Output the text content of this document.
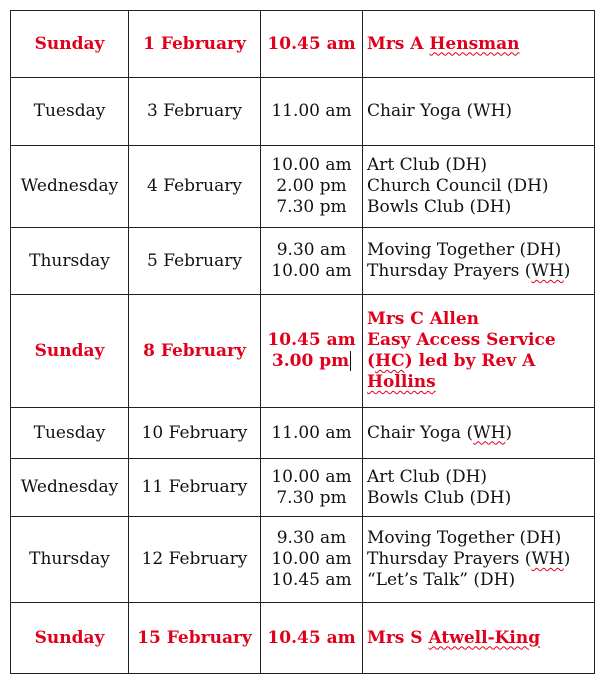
Sunday	1 February	10.45 am	Mrs A Hensman

Tuesday	3 February	11.00 am	Chair Yoga (WH)

Wednesday	4 February	10.00 am
2.00 pm
7.30 pm	Art Club (DH)
Church Council (DH)
Bowls Club (DH)

Thursday	5 February	9.30 am
10.00 am	Moving Together (DH)
Thursday Prayers (WH)

Sunday	8 February	10.45 am
3.00 pm	Mrs C Allen
Easy Access Service
(HC) led by Rev A
Hollins

Tuesday	10 February	11.00 am	Chair Yoga (WH)

Wednesday	11 February	10.00 am
7.30 pm	Art Club (DH)
Bowls Club (DH)

Thursday	12 February	9.30 am
10.00 am
10.45 am	Moving Together (DH)
Thursday Prayers (WH)
“Let’s Talk” (DH)

Sunday	15 February	10.45 am	Mrs S Atwell-King
